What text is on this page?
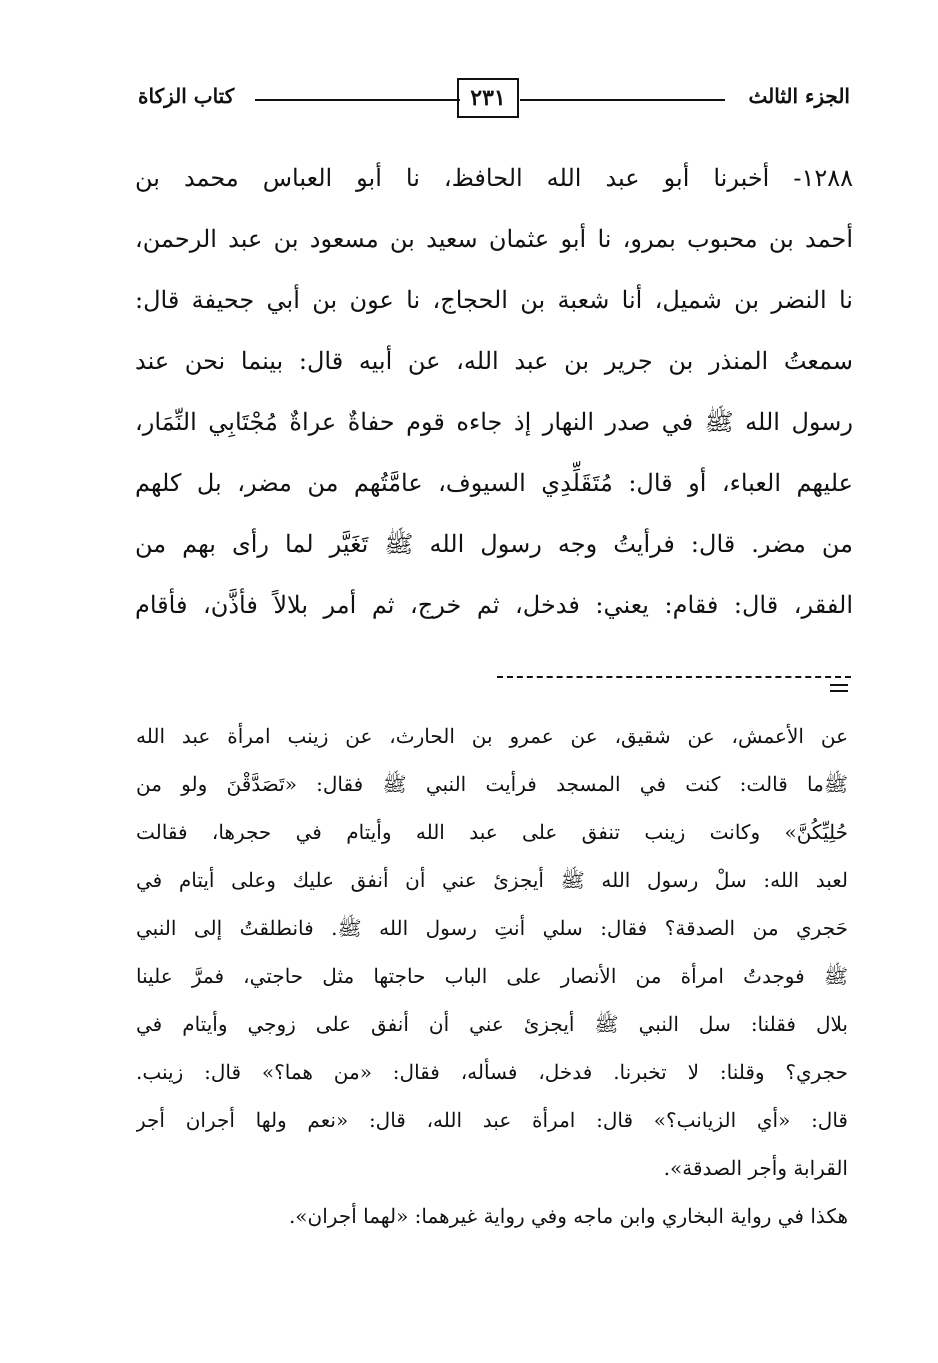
كتاب الزكاة	٢٣١	الجزء الثالث
١٢٨٨- أخبرنا أبو عبد الله الحافظ، نا أبو العباس محمد بن
أحمد بن محبوب بمرو، نا أبو عثمان سعيد بن مسعود بن عبد الرحمن،
نا النضر بن شميل، أنا شعبة بن الحجاج، نا عون بن أبي جحيفة قال:
سمعتُ المنذر بن جرير بن عبد الله، عن أبيه قال: بينما نحن عند
رسول الله ﷺ في صدر النهار إذ جاءه قوم حفاةٌ عراةٌ مُجْتَابِي النِّمَار،
عليهم العباء، أو قال: مُتَقَلِّدِي السيوف، عامَّتُهم من مضر، بل كلهم
من مضر. قال: فرأيتُ وجه رسول الله ﷺ تَغَيَّر لما رأى بهم من
الفقر، قال: فقام: يعني: فدخل، ثم خرج، ثم أمر بلالاً فأذَّن، فأقام
عن الأعمش، عن شقيق، عن عمرو بن الحارث، عن زينب امرأة عبد الله
ﷺما قالت: كنت في المسجد فرأيت النبي ﷺ فقال: «تَصَدَّقْنَ ولو من
حُلِيِّكُنَّ» وكانت زينب تنفق على عبد الله وأيتام في حجرها، فقالت
لعبد الله: سلْ رسول الله ﷺ أيجزئ عني أن أنفق عليك وعلى أيتام في
حَجري من الصدقة؟ فقال: سلي أنتِ رسول الله ﷺ. فانطلقتُ إلى النبي
ﷺ فوجدتُ امرأة من الأنصار على الباب حاجتها مثل حاجتي، فمرَّ علينا
بلال فقلنا: سل النبي ﷺ أيجزئ عني أن أنفق على زوجي وأيتام في
حجري؟ وقلنا: لا تخبرنا. فدخل، فسأله، فقال: «من هما؟» قال: زينب.
قال: «أي الزيانب؟» قال: امرأة عبد الله، قال: «نعم ولها أجران أجر
القرابة وأجر الصدقة».
هكذا في رواية البخاري وابن ماجه وفي رواية غيرهما: «لهما أجران».
